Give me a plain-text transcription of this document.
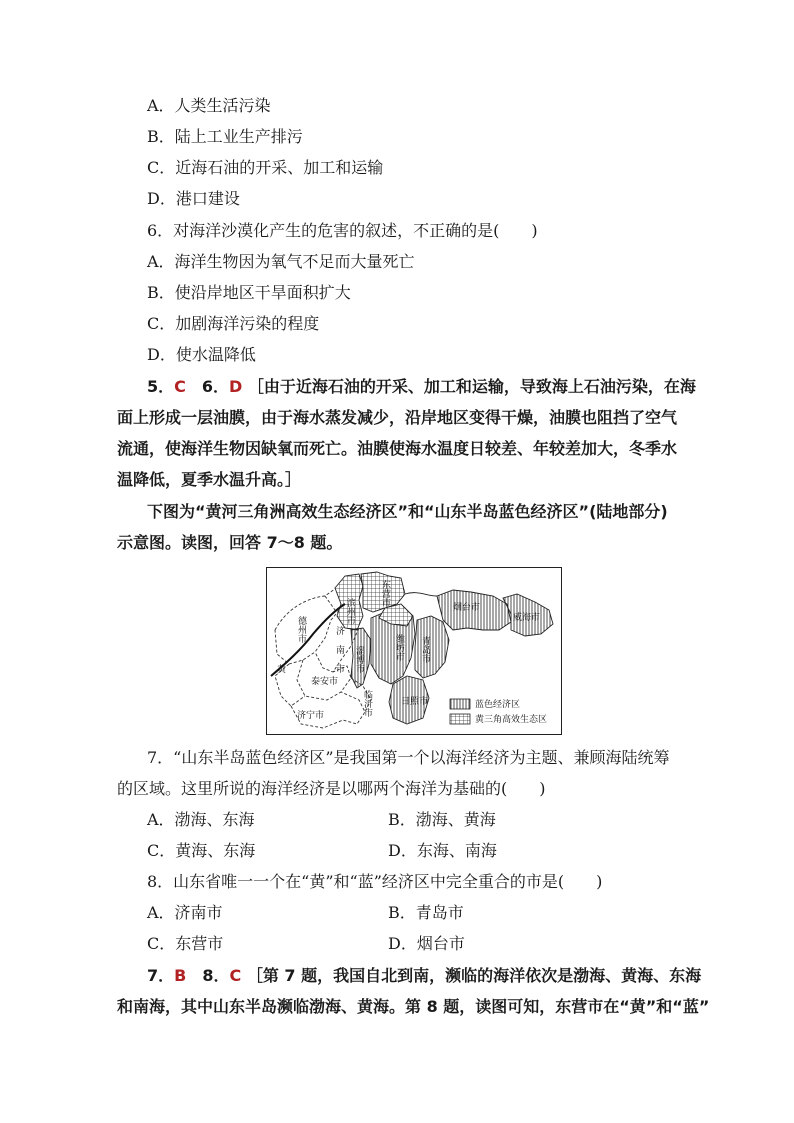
A．人类生活污染
B．陆上工业生产排污
C．近海石油的开采、加工和运输
D．港口建设
6．对海洋沙漠化产生的危害的叙述，不正确的是(　　)
A．海洋生物因为氧气不足而大量死亡
B．使沿岸地区干旱面积扩大
C．加剧海洋污染的程度
D．使水温降低
5．C　6．D ［由于近海石油的开采、加工和运输，导致海上石油污染，在海
面上形成一层油膜，由于海水蒸发减少，沿岸地区变得干燥，油膜也阻挡了空气
流通，使海洋生物因缺氧而死亡。油膜使海水温度日较差、年较差加大，冬季水
温降低，夏季水温升高。］
下图为“黄河三角洲高效生态经济区”和“山东半岛蓝色经济区”(陆地部分)
示意图。读图，回答 7～8 题。
德州市
滨州市
东营市
济南市 淄博市	潍坊市 青岛市
临沂市
烟台市
威海市
泰安市
济宁市
日照市
黄
蓝色经济区
黄三角高效生态区
7．“山东半岛蓝色经济区”是我国第一个以海洋经济为主题、兼顾海陆统筹
的区域。这里所说的海洋经济是以哪两个海洋为基础的(　　)
A．渤海、东海	B．渤海、黄海
C．黄海、东海	D．东海、南海
8．山东省唯一一个在“黄”和“蓝”经济区中完全重合的市是(　　)
A．济南市	B．青岛市
C．东营市	D．烟台市
7．B　8．C ［第 7 题，我国自北到南，濒临的海洋依次是渤海、黄海、东海
和南海，其中山东半岛濒临渤海、黄海。第 8 题，读图可知，东营市在“黄”和“蓝”
